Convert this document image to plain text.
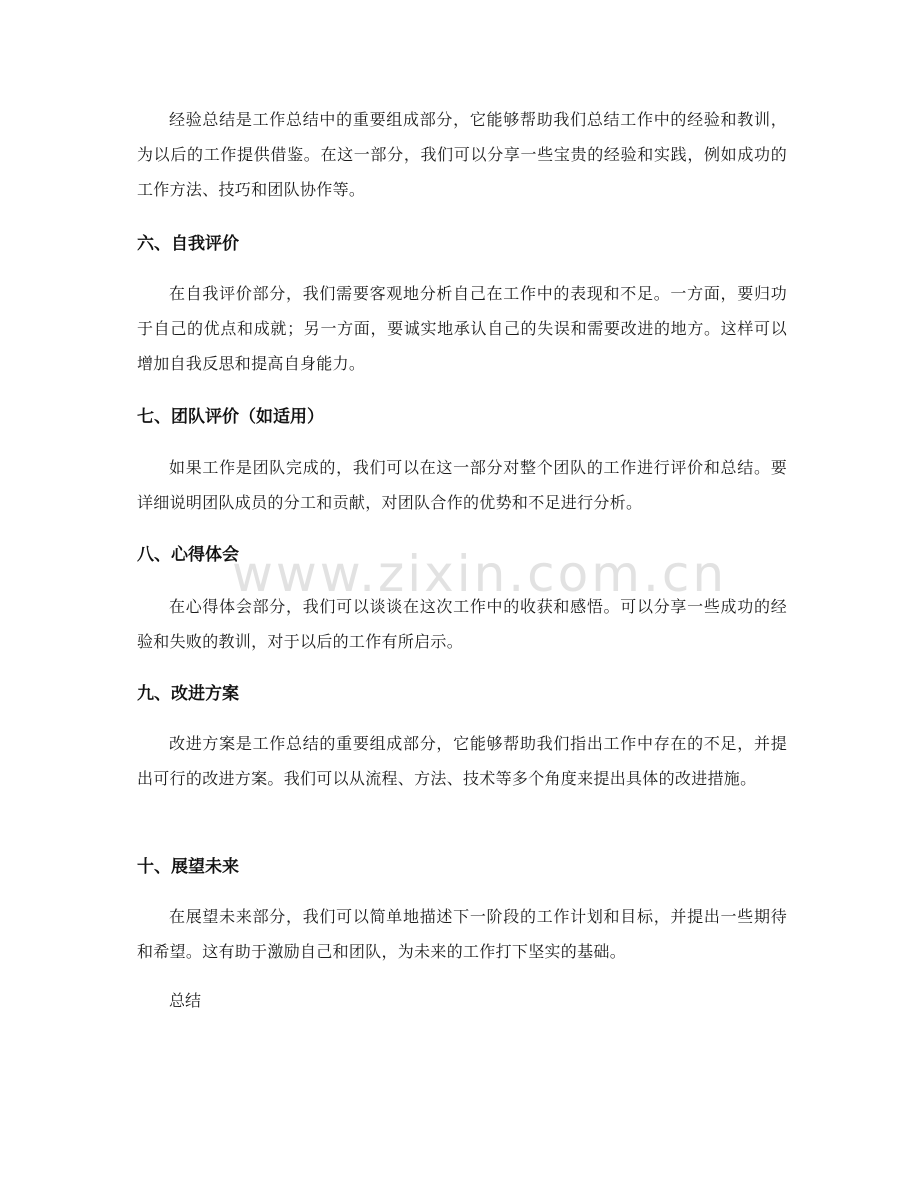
www.zixin.com.cn

经验总结是工作总结中的重要组成部分，它能够帮助我们总结工作中的经验和教训，为以后的工作提供借鉴。在这一部分，我们可以分享一些宝贵的经验和实践，例如成功的工作方法、技巧和团队协作等。

六、自我评价

在自我评价部分，我们需要客观地分析自己在工作中的表现和不足。一方面，要归功于自己的优点和成就；另一方面，要诚实地承认自己的失误和需要改进的地方。这样可以增加自我反思和提高自身能力。

七、团队评价（如适用）

如果工作是团队完成的，我们可以在这一部分对整个团队的工作进行评价和总结。要详细说明团队成员的分工和贡献，对团队合作的优势和不足进行分析。

八、心得体会

在心得体会部分，我们可以谈谈在这次工作中的收获和感悟。可以分享一些成功的经验和失败的教训，对于以后的工作有所启示。

九、改进方案

改进方案是工作总结的重要组成部分，它能够帮助我们指出工作中存在的不足，并提出可行的改进方案。我们可以从流程、方法、技术等多个角度来提出具体的改进措施。

十、展望未来

在展望未来部分，我们可以简单地描述下一阶段的工作计划和目标，并提出一些期待和希望。这有助于激励自己和团队，为未来的工作打下坚实的基础。

总结
